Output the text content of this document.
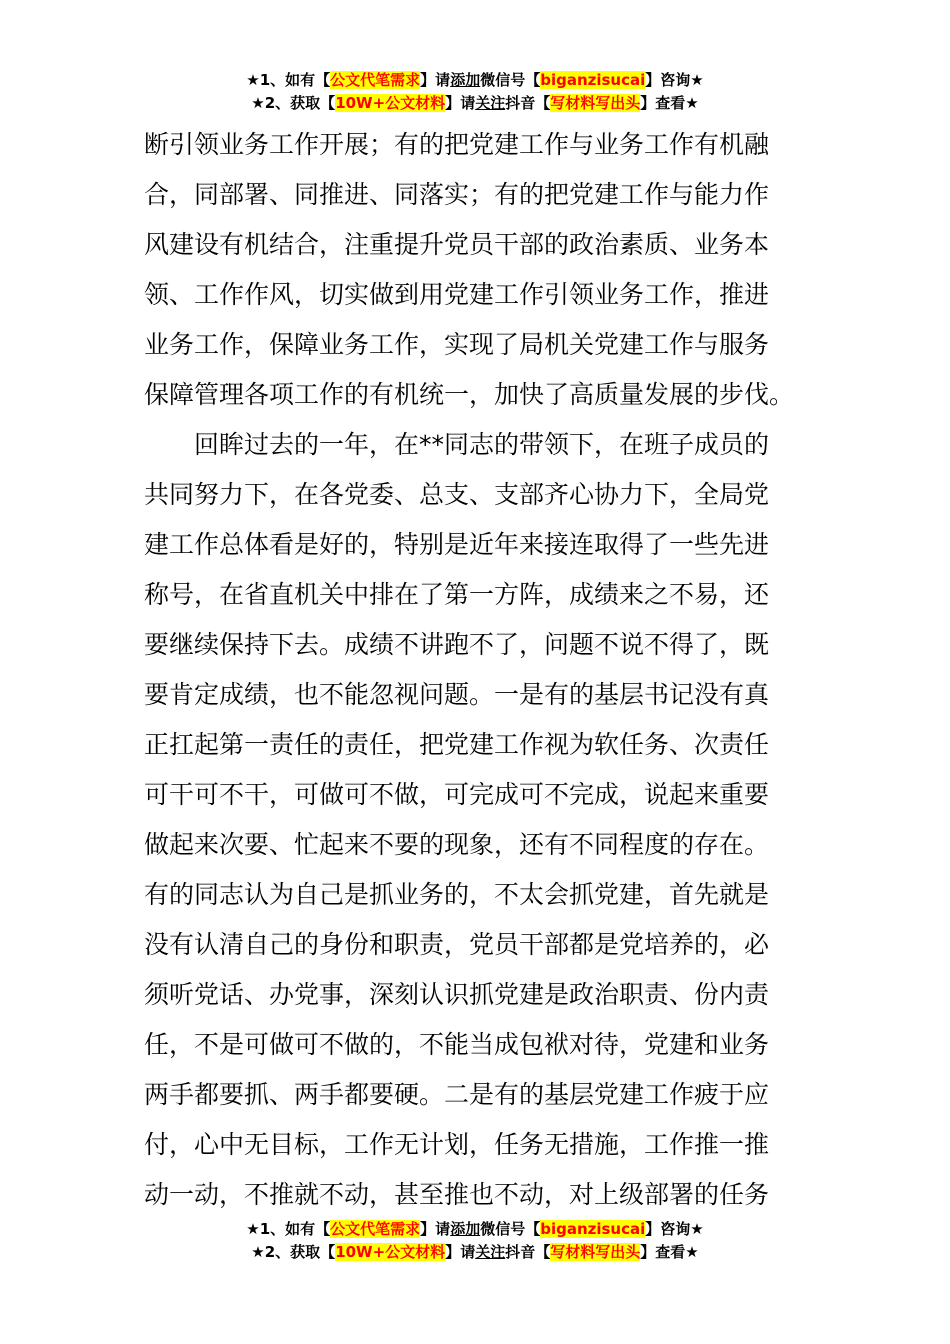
★1、如有【公文代笔需求】请添加微信号【biganzisucai】咨询★
★2、获取【10W+公文材料】请关注抖音【写材料写出头】查看★
断引领业务工作开展；有的把党建工作与业务工作有机融
合，同部署、同推进、同落实；有的把党建工作与能力作
风建设有机结合，注重提升党员干部的政治素质、业务本
领、工作作风，切实做到用党建工作引领业务工作，推进
业务工作，保障业务工作，实现了局机关党建工作与服务
保障管理各项工作的有机统一，加快了高质量发展的步伐。
　　回眸过去的一年，在**同志的带领下，在班子成员的
共同努力下，在各党委、总支、支部齐心协力下，全局党
建工作总体看是好的，特别是近年来接连取得了一些先进
称号，在省直机关中排在了第一方阵，成绩来之不易，还
要继续保持下去。成绩不讲跑不了，问题不说不得了，既
要肯定成绩，也不能忽视问题。一是有的基层书记没有真
正扛起第一责任的责任，把党建工作视为软任务、次责任
可干可不干，可做可不做，可完成可不完成，说起来重要
做起来次要、忙起来不要的现象，还有不同程度的存在。
有的同志认为自己是抓业务的，不太会抓党建，首先就是
没有认清自己的身份和职责，党员干部都是党培养的，必
须听党话、办党事，深刻认识抓党建是政治职责、份内责
任，不是可做可不做的，不能当成包袱对待，党建和业务
两手都要抓、两手都要硬。二是有的基层党建工作疲于应
付，心中无目标，工作无计划，任务无措施，工作推一推
动一动，不推就不动，甚至推也不动，对上级部署的任务
★1、如有【公文代笔需求】请添加微信号【biganzisucai】咨询★
★2、获取【10W+公文材料】请关注抖音【写材料写出头】查看★
